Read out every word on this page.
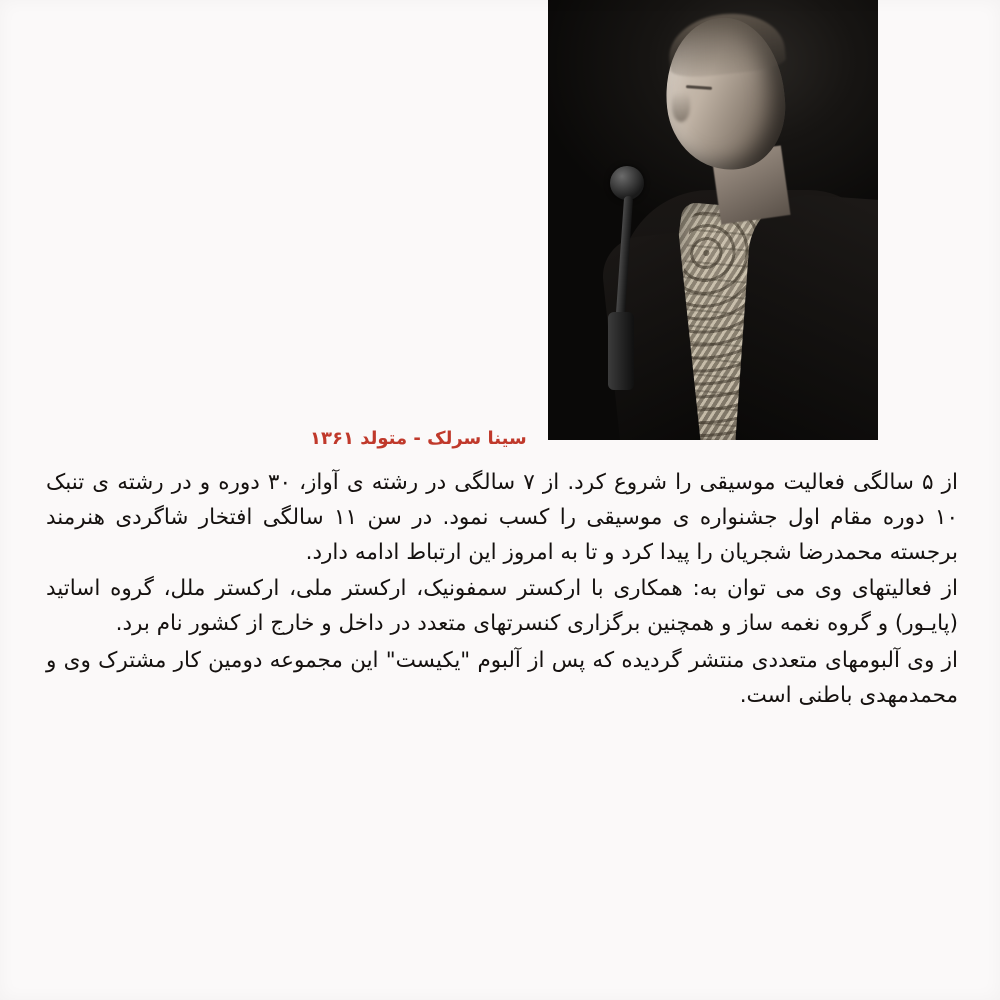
سینا سرلک - متولد ۱۳۶۱

از ۵ سالگی فعالیت موسیقی را شروع کرد. از ۷ سالگی در رشته ی آواز، ۳۰ دوره و در رشته ی تنبک ۱۰ دوره مقام اول جشنواره ی موسیقی را کسب نمود. در سن ۱۱ سالگی افتخار شاگردی هنرمند برجسته محمدرضا شجریان را پیدا کرد و تا به امروز این ارتباط ادامه دارد.

از فعالیتهای وی می توان به: همکاری با ارکستر سمفونیک، ارکستر ملی، ارکستر ملل، گروه اساتید (پایـور) و گروه نغمه ساز و همچنین برگزاری کنسرتهای متعدد در داخل و خارج از کشور نام برد.

از وی آلبومهای متعددی منتشر گردیده که پس از آلبوم "یکیست" این مجموعه دومین کار مشترک وی و محمدمهدی باطنی است.
